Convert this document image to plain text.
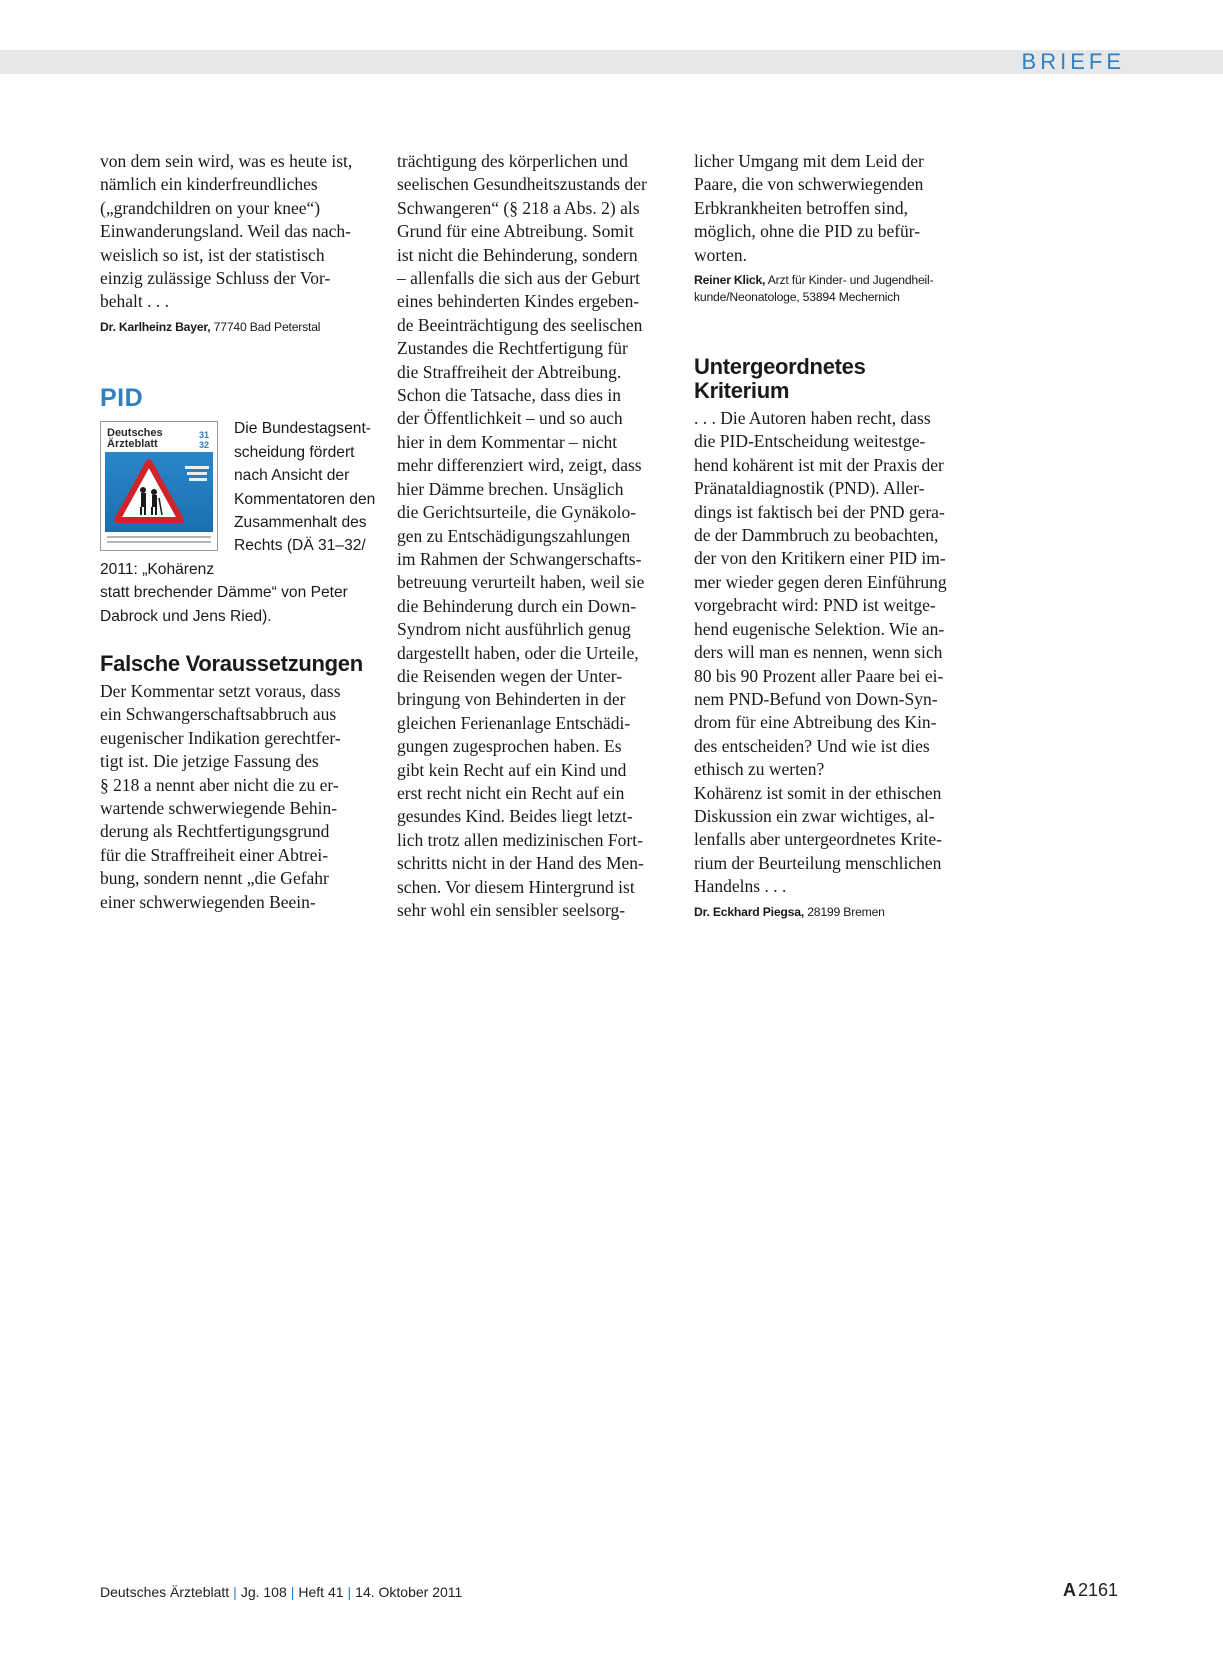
BRIEFE

von dem sein wird, was es heute ist,
nämlich ein kinderfreundliches
(„grandchildren on your knee“)
Einwanderungsland. Weil das nach-
weislich so ist, ist der statistisch
einzig zulässige Schluss der Vor-
behalt . . .

Dr. Karlheinz Bayer, 77740 Bad Peterstal

PID
Deutsches
Ärzteblatt
31
32

Die Bundestagsent-
scheidung fördert
nach Ansicht der
Kommentatoren den
Zusammenhalt des
Rechts (DÄ 31–32/
2011: „Kohärenz
statt brechender Dämme“ von Peter
Dabrock und Jens Ried).

Falsche Voraussetzungen

Der Kommentar setzt voraus, dass
ein Schwangerschaftsabbruch aus
eugenischer Indikation gerechtfer-
tigt ist. Die jetzige Fassung des
§ 218 a nennt aber nicht die zu er-
wartende schwerwiegende Behin-
derung als Rechtfertigungsgrund
für die Straffreiheit einer Abtrei-
bung, sondern nennt „die Gefahr
einer schwerwiegenden Beein-

trächtigung des körperlichen und
seelischen Gesundheitszustands der
Schwangeren“ (§ 218 a Abs. 2) als
Grund für eine Abtreibung. Somit
ist nicht die Behinderung, sondern
– allenfalls die sich aus der Geburt
eines behinderten Kindes ergeben-
de Beeinträchtigung des seelischen
Zustandes die Rechtfertigung für
die Straffreiheit der Abtreibung.
Schon die Tatsache, dass dies in
der Öffentlichkeit – und so auch
hier in dem Kommentar – nicht
mehr differenziert wird, zeigt, dass
hier Dämme brechen. Unsäglich
die Gerichtsurteile, die Gynäkolo-
gen zu Entschädigungszahlungen
im Rahmen der Schwangerschafts-
betreuung verurteilt haben, weil sie
die Behinderung durch ein Down-
Syndrom nicht ausführlich genug
dargestellt haben, oder die Urteile,
die Reisenden wegen der Unter-
bringung von Behinderten in der
gleichen Ferienanlage Entschädi-
gungen zugesprochen haben. Es
gibt kein Recht auf ein Kind und
erst recht nicht ein Recht auf ein
gesundes Kind. Beides liegt letzt-
lich trotz allen medizinischen Fort-
schritts nicht in der Hand des Men-
schen. Vor diesem Hintergrund ist
sehr wohl ein sensibler seelsorg-

licher Umgang mit dem Leid der
Paare, die von schwerwiegenden
Erbkrankheiten betroffen sind,
möglich, ohne die PID zu befür-
worten.

Reiner Klick, Arzt für Kinder- und Jugendheil-
kunde/Neonatologe, 53894 Mechernich

Untergeordnetes
Kriterium

. . . Die Autoren haben recht, dass
die PID-Entscheidung weitestge-
hend kohärent ist mit der Praxis der
Pränataldiagnostik (PND). Aller-
dings ist faktisch bei der PND gera-
de der Dammbruch zu beobachten,
der von den Kritikern einer PID im-
mer wieder gegen deren Einführung
vorgebracht wird: PND ist weitge-
hend eugenische Selektion. Wie an-
ders will man es nennen, wenn sich
80 bis 90 Prozent aller Paare bei ei-
nem PND-Befund von Down-Syn-
drom für eine Abtreibung des Kin-
des entscheiden? Und wie ist dies
ethisch zu werten?
Kohärenz ist somit in der ethischen
Diskussion ein zwar wichtiges, al-
lenfalls aber untergeordnetes Krite-
rium der Beurteilung menschlichen
Handelns . . .

Dr. Eckhard Piegsa, 28199 Bremen

Deutsches Ärzteblatt | Jg. 108 | Heft 41 | 14. Oktober 2011	A 2161
